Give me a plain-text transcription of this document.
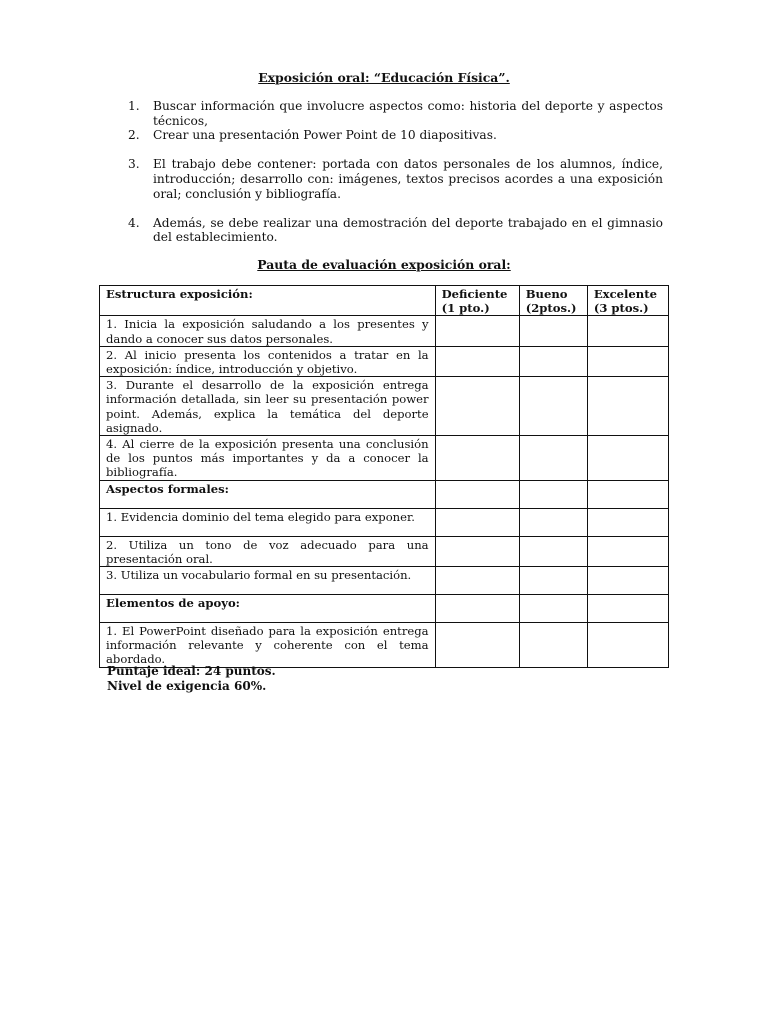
Exposición oral: “Educación Física”.
1. Buscar información que involucre aspectos como: historia del deporte y aspectos técnicos,
2. Crear una presentación Power Point de 10 diapositivas.
3. El trabajo debe contener: portada con datos personales de los alumnos, índice, introducción; desarrollo con: imágenes, textos precisos acordes a una exposición oral; conclusión y bibliografía.
4. Además, se debe realizar una demostración del deporte trabajado en el gimnasio del establecimiento.
Pauta de evaluación exposición oral:
Estructura exposición:	Deficiente (1 pto.)	Bueno (2ptos.)	Excelente (3 ptos.)
1. Inicia la exposición saludando a los presentes y dando a conocer sus datos personales.			
2. Al inicio presenta los contenidos a tratar en la exposición: índice, introducción y objetivo.			
3. Durante el desarrollo de la exposición entrega información detallada, sin leer su presentación power point. Además, explica la temática del deporte asignado.			
4. Al cierre de la exposición presenta una conclusión de los puntos más importantes y da a conocer la bibliografía.			
Aspectos formales:			
1. Evidencia dominio del tema elegido para exponer.			
2. Utiliza un tono de voz adecuado para una presentación oral.			
3. Utiliza un vocabulario formal en su presentación.			
Elementos de apoyo:			
1. El PowerPoint diseñado para la exposición entrega información relevante y coherente con el tema abordado.			
Puntaje ideal: 24 puntos.
Nivel de exigencia 60%.
